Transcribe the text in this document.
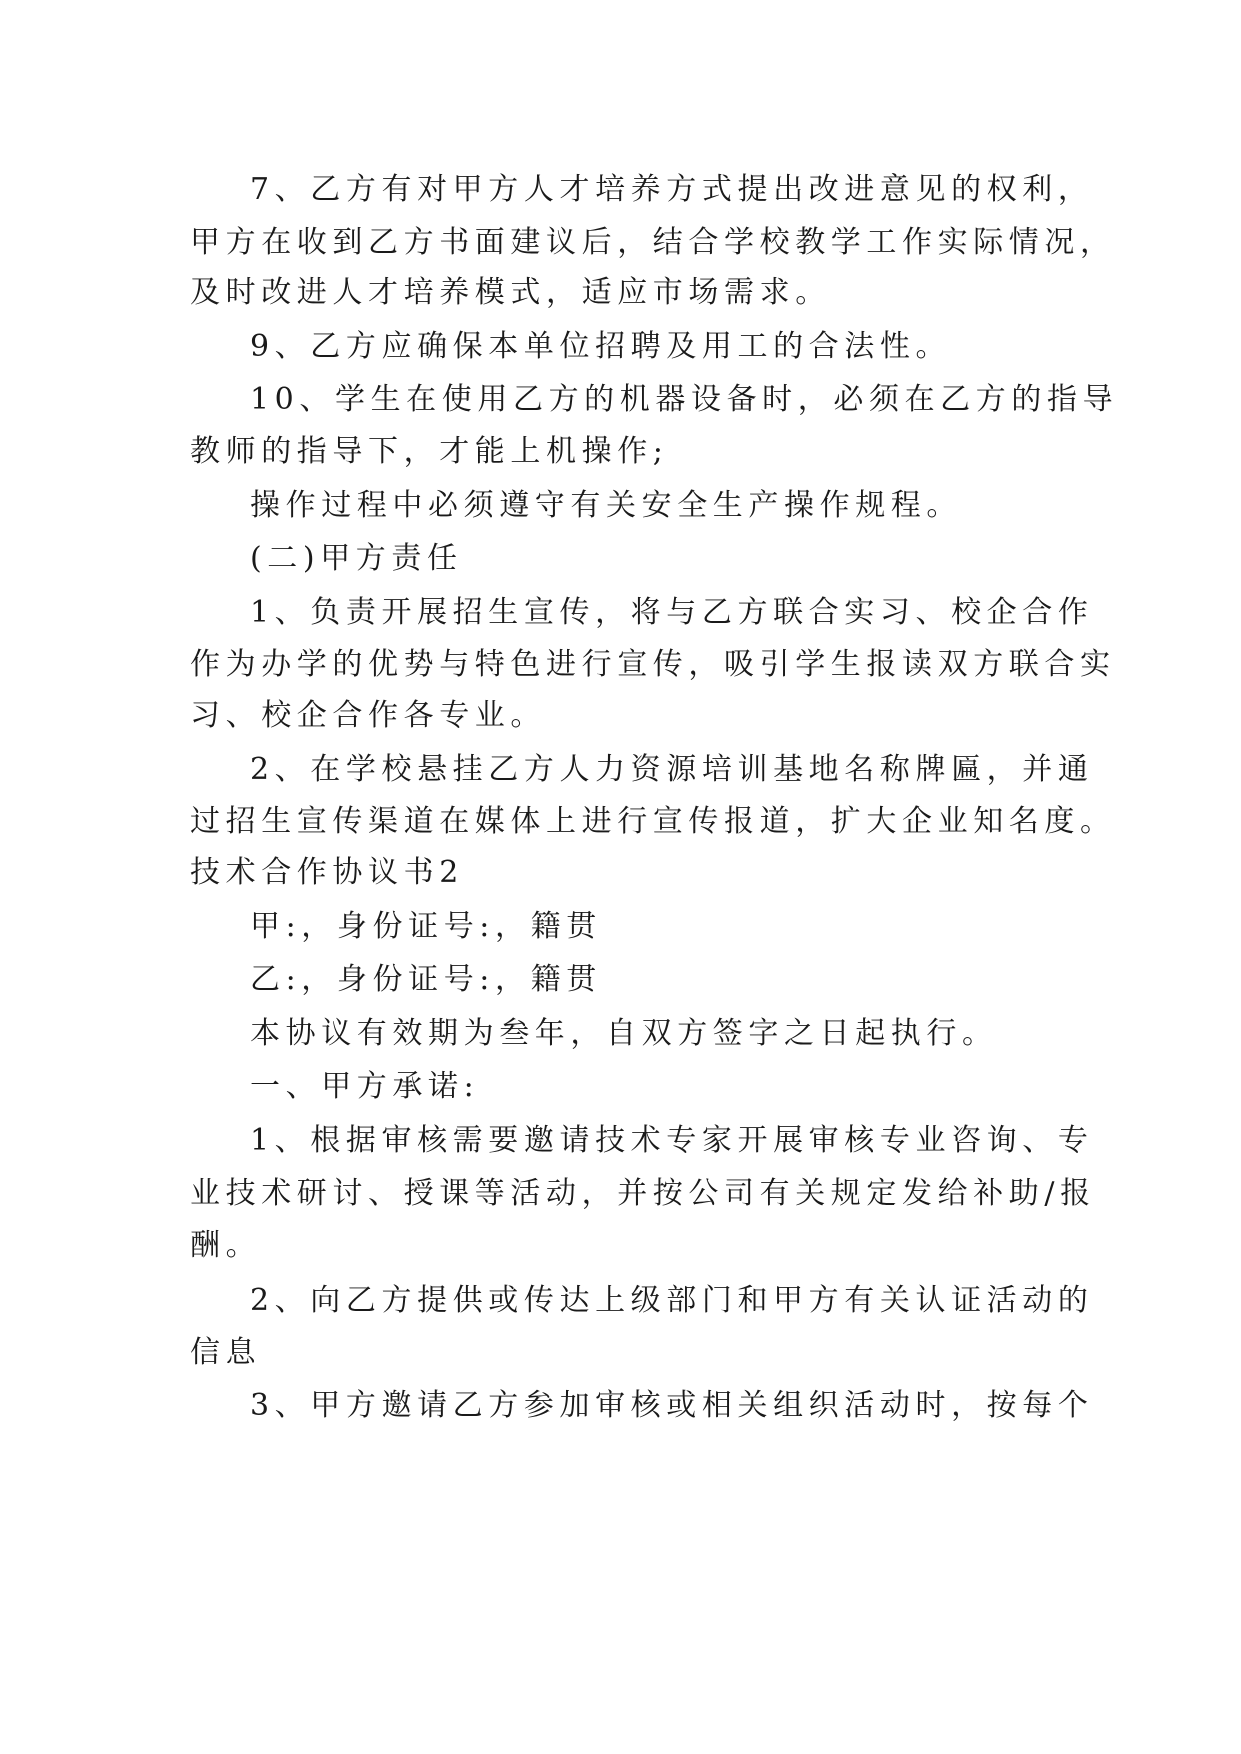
7、乙方有对甲方人才培养方式提出改进意见的权利，
甲方在收到乙方书面建议后，结合学校教学工作实际情况，
及时改进人才培养模式，适应市场需求。
9、乙方应确保本单位招聘及用工的合法性。
10、学生在使用乙方的机器设备时，必须在乙方的指导
教师的指导下，才能上机操作;
操作过程中必须遵守有关安全生产操作规程。
(二)甲方责任
1、负责开展招生宣传，将与乙方联合实习、校企合作
作为办学的优势与特色进行宣传，吸引学生报读双方联合实
习、校企合作各专业。
2、在学校悬挂乙方人力资源培训基地名称牌匾，并通
过招生宣传渠道在媒体上进行宣传报道，扩大企业知名度。
技术合作协议书2
甲:，身份证号:，籍贯
乙:，身份证号:，籍贯
本协议有效期为叁年，自双方签字之日起执行。
一、甲方承诺:
1、根据审核需要邀请技术专家开展审核专业咨询、专
业技术研讨、授课等活动，并按公司有关规定发给补助/报
酬。
2、向乙方提供或传达上级部门和甲方有关认证活动的
信息
3、甲方邀请乙方参加审核或相关组织活动时，按每个
